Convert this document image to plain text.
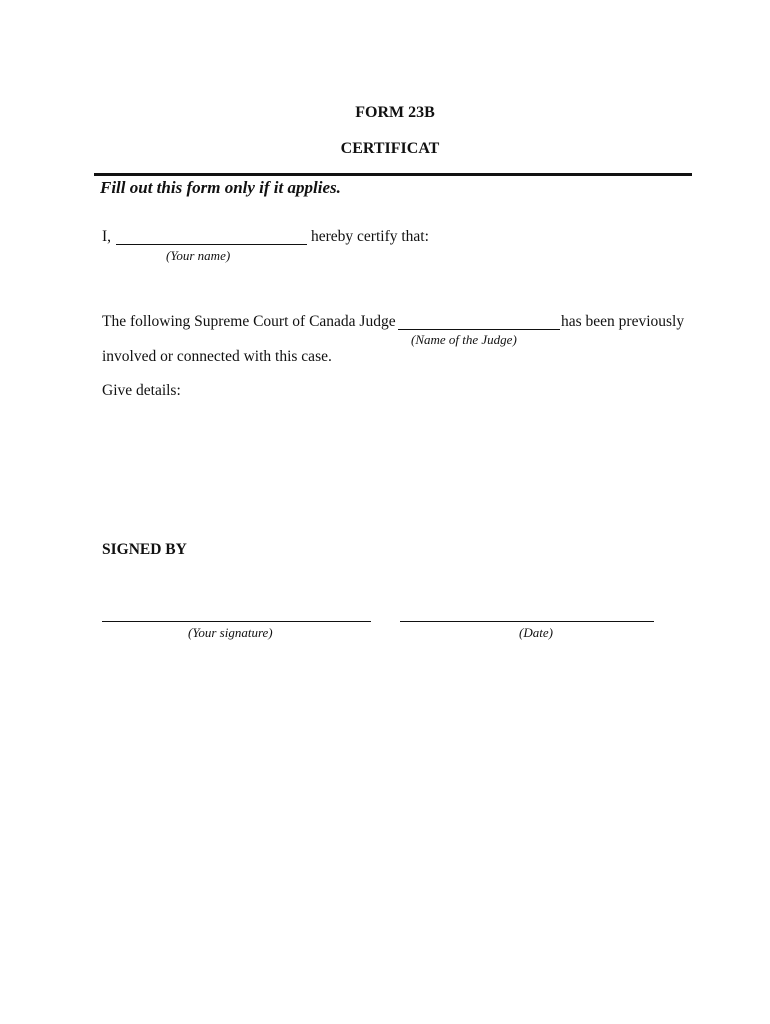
FORM 23B
CERTIFICAT
Fill out this form only if it applies.
I,	hereby certify that:
(Your name)
The following Supreme Court of Canada Judge	has been previously
(Name of the Judge)
involved or connected with this case.
Give details:
SIGNED BY
(Your signature)	(Date)
